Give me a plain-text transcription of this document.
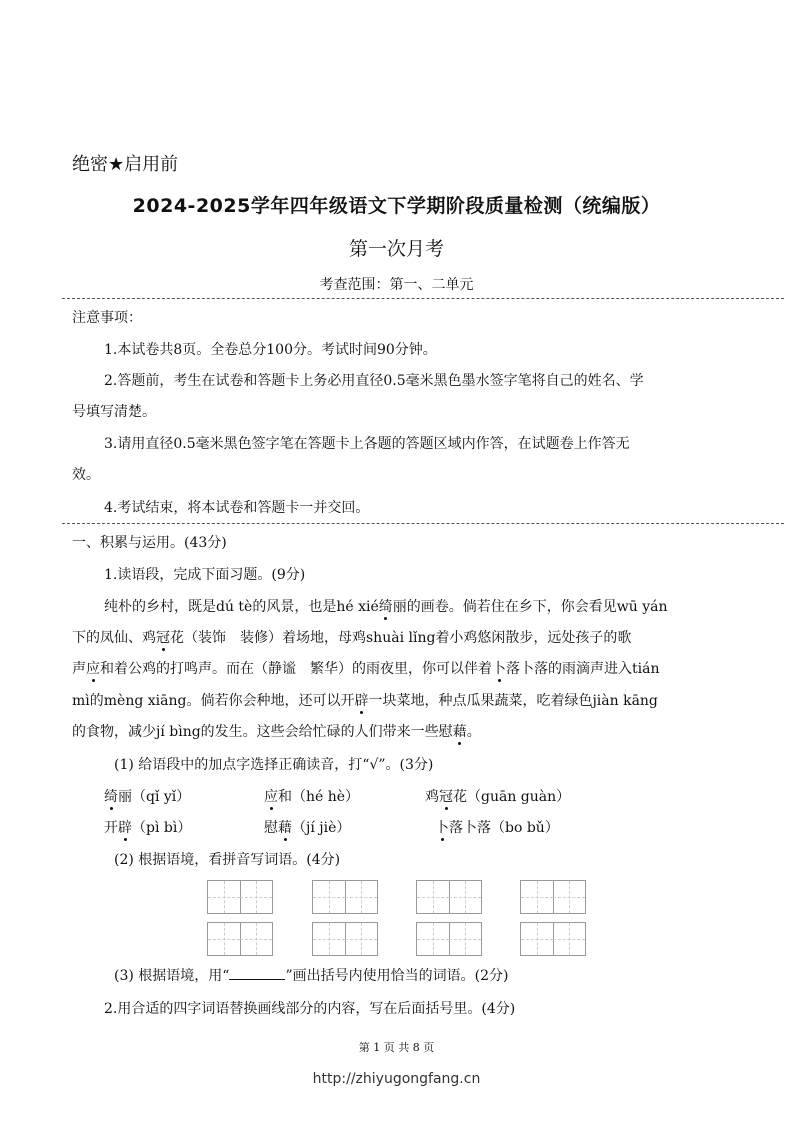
绝密★启用前
2024-2025学年四年级语文下学期阶段质量检测（统编版）
第一次月考
考查范围：第一、二单元
注意事项：
1.本试卷共8页。全卷总分100分。考试时间90分钟。
2.答题前，考生在试卷和答题卡上务必用直径0.5毫米黑色墨水签字笔将自己的姓名、学
号填写清楚。
3.请用直径0.5毫米黑色签字笔在答题卡上各题的答题区域内作答，在试题卷上作答无
效。
4.考试结束，将本试卷和答题卡一并交回。
一、积累与运用。(43分)
1.读语段，完成下面习题。(9分)
纯朴的乡村，既是dú tè的风景，也是hé xié绮丽的画卷。倘若住在乡下，你会看见wū yán
下的凤仙、鸡冠花（装饰　装修）着场地，母鸡shuài lǐng着小鸡悠闲散步，远处孩子的歌
声应和着公鸡的打鸣声。而在（静谧　繁华）的雨夜里，你可以伴着卜落卜落的雨滴声进入tián
mì的mèng xiāng。倘若你会种地，还可以开辟一块菜地，种点瓜果蔬菜，吃着绿色jiàn kāng
的食物，减少jí bìng的发生。这些会给忙碌的人们带来一些慰藉。
(1) 给语段中的加点字选择正确读音，打“√”。(3分)
绮丽（qǐ yǐ）	应和（hé hè）	鸡冠花（guān guàn）
开辟（pì bì）	慰藉（jí jiè）	卜落卜落（bo bǔ）
(2) 根据语境，看拼音写词语。(4分)
(3) 根据语境，用“	”画出括号内使用恰当的词语。(2分)
2.用合适的四字词语替换画线部分的内容，写在后面括号里。(4分)
第 1 页 共 8 页
http://zhiyugongfang.cn
